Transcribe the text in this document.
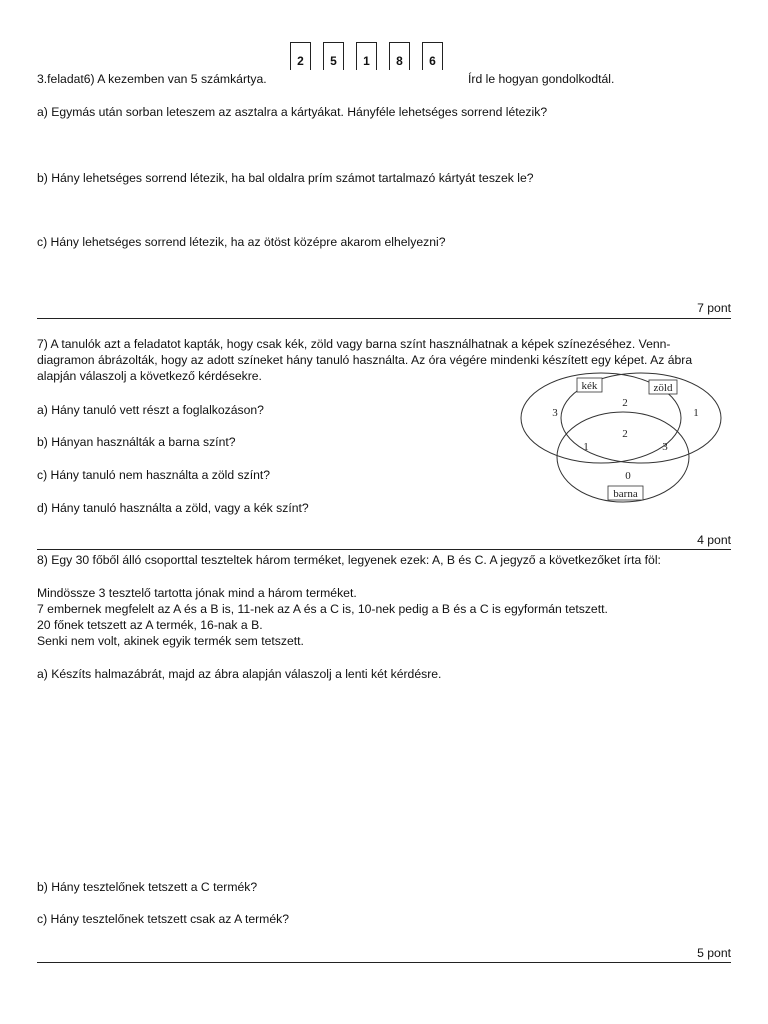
3.feladat6) A kezemben van 5 számkártya.
2	5	1	8	6
Írd le hogyan gondolkodtál.
a) Egymás után sorban leteszem az asztalra a kártyákat. Hányféle lehetséges sorrend létezik?
b) Hány lehetséges sorrend létezik, ha bal oldalra prím számot tartalmazó kártyát teszek le?
c) Hány lehetséges sorrend létezik, ha az ötöst középre akarom elhelyezni?
7 pont
7) A tanulók azt a feladatot kapták, hogy csak kék, zöld vagy barna színt használhatnak a képek színezéséhez. Venn-
diagramon ábrázolták, hogy az adott színeket hány tanuló használta. Az óra végére mindenki készített egy képet. Az ábra
alapján válaszolj a következő kérdésekre.
a) Hány tanuló vett részt a foglalkozáson?
b) Hányan használták a barna színt?
c) Hány tanuló nem használta a zöld színt?
d) Hány tanuló használta a zöld, vagy a kék színt?
kék	zöld
barna
3	1
2
2
1	3
0
4 pont
8) Egy 30 főből álló csoporttal teszteltek három terméket, legyenek ezek: A, B és C. A jegyző a következőket írta föl:
Mindössze 3 tesztelő tartotta jónak mind a három terméket.
7 embernek megfelelt az A és a B is, 11-nek az A és a C is, 10-nek pedig a B és a C is egyformán tetszett.
20 főnek tetszett az A termék, 16-nak a B.
Senki nem volt, akinek egyik termék sem tetszett.
a) Készíts halmazábrát, majd az ábra alapján válaszolj a lenti két kérdésre.
b) Hány tesztelőnek tetszett a C termék?
c) Hány tesztelőnek tetszett csak az A termék?
5 pont
